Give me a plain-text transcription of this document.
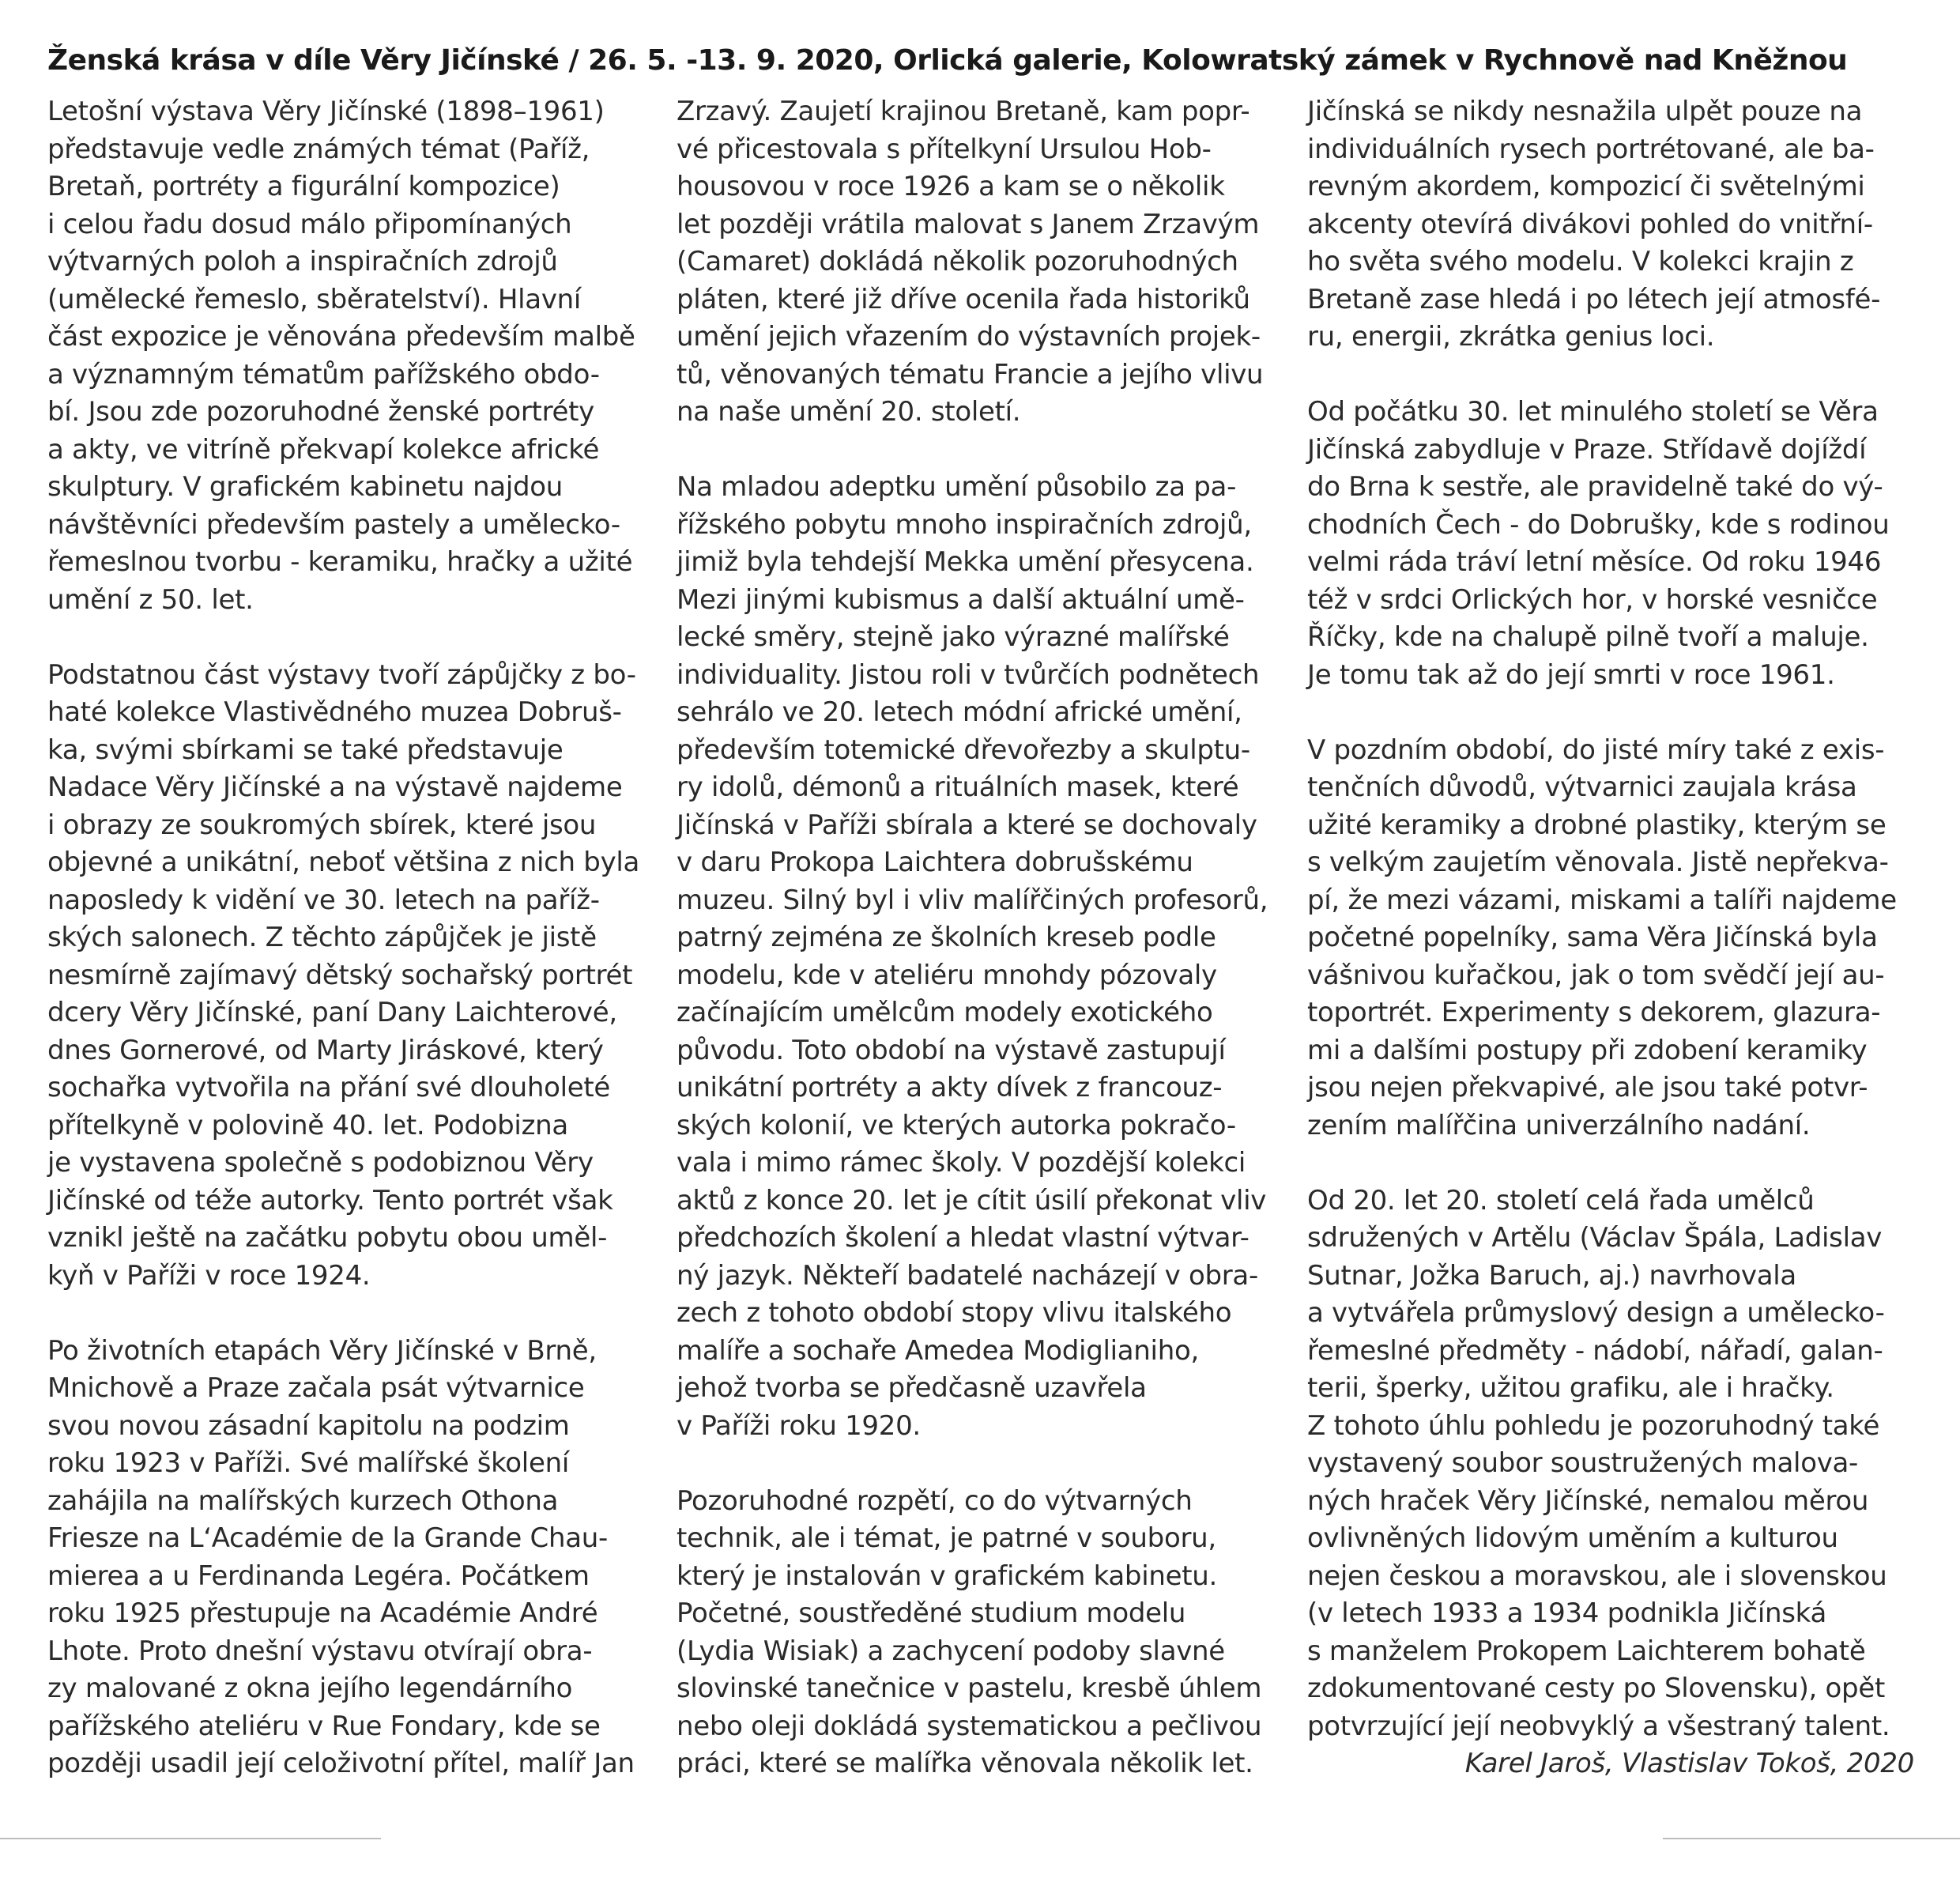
Ženská krása v díle Věry Jičínské / 26. 5. -13. 9. 2020, Orlická galerie, Kolowratský zámek v Rychnově nad Kněžnou
Letošní výstava Věry Jičínské (1898–1961)
představuje vedle známých témat (Paříž,
Bretaň, portréty a figurální kompozice)
i celou řadu dosud málo připomínaných
výtvarných poloh a inspiračních zdrojů
(umělecké řemeslo, sběratelství). Hlavní
část expozice je věnována především malbě
a významným tématům pařížského obdo-
bí. Jsou zde pozoruhodné ženské portréty
a akty, ve vitríně překvapí kolekce africké
skulptury. V grafickém kabinetu najdou
návštěvníci především pastely a umělecko-
řemeslnou tvorbu - keramiku, hračky a užité
umění z 50. let.
Podstatnou část výstavy tvoří zápůjčky z bo-
haté kolekce Vlastivědného muzea Dobruš-
ka, svými sbírkami se také představuje
Nadace Věry Jičínské a na výstavě najdeme
i obrazy ze soukromých sbírek, které jsou
objevné a unikátní, neboť většina z nich byla
naposledy k vidění ve 30. letech na paříž-
ských salonech. Z těchto zápůjček je jistě
nesmírně zajímavý dětský sochařský portrét
dcery Věry Jičínské, paní Dany Laichterové,
dnes Gornerové, od Marty Jiráskové, který
sochařka vytvořila na přání své dlouholeté
přítelkyně v polovině 40. let. Podobizna
je vystavena společně s podobiznou Věry
Jičínské od téže autorky. Tento portrét však
vznikl ještě na začátku pobytu obou uměl-
kyň v Paříži v roce 1924.
Po životních etapách Věry Jičínské v Brně,
Mnichově a Praze začala psát výtvarnice
svou novou zásadní kapitolu na podzim
roku 1923 v Paříži. Své malířské školení
zahájila na malířských kurzech Othona
Friesze na L‘Académie de la Grande Chau-
mierea a u Ferdinanda Legéra. Počátkem
roku 1925 přestupuje na Académie André
Lhote. Proto dnešní výstavu otvírají obra-
zy malované z okna jejího legendárního
pařížského ateliéru v Rue Fondary, kde se
později usadil její celoživotní přítel, malíř Jan
Zrzavý. Zaujetí krajinou Bretaně, kam popr-
vé přicestovala s přítelkyní Ursulou Hob-
housovou v roce 1926 a kam se o několik
let později vrátila malovat s Janem Zrzavým
(Camaret) dokládá několik pozoruhodných
pláten, které již dříve ocenila řada historiků
umění jejich vřazením do výstavních projek-
tů, věnovaných tématu Francie a jejího vlivu
na naše umění 20. století.
Na mladou adeptku umění působilo za pa-
řížského pobytu mnoho inspiračních zdrojů,
jimiž byla tehdejší Mekka umění přesycena.
Mezi jinými kubismus a další aktuální umě-
lecké směry, stejně jako výrazné malířské
individuality. Jistou roli v tvůrčích podnětech
sehrálo ve 20. letech módní africké umění,
především totemické dřevořezby a skulptu-
ry idolů, démonů a rituálních masek, které
Jičínská v Paříži sbírala a které se dochovaly
v daru Prokopa Laichtera dobrušskému
muzeu. Silný byl i vliv malířčiných profesorů,
patrný zejména ze školních kreseb podle
modelu, kde v ateliéru mnohdy pózovaly
začínajícím umělcům modely exotického
původu. Toto období na výstavě zastupují
unikátní portréty a akty dívek z francouz-
ských kolonií, ve kterých autorka pokračo-
vala i mimo rámec školy. V pozdější kolekci
aktů z konce 20. let je cítit úsilí překonat vliv
předchozích školení a hledat vlastní výtvar-
ný jazyk. Někteří badatelé nacházejí v obra-
zech z tohoto období stopy vlivu italského
malíře a sochaře Amedea Modiglianiho,
jehož tvorba se předčasně uzavřela
v Paříži roku 1920.
Pozoruhodné rozpětí, co do výtvarných
technik, ale i témat, je patrné v souboru,
který je instalován v grafickém kabinetu.
Početné, soustředěné studium modelu
(Lydia Wisiak) a zachycení podoby slavné
slovinské tanečnice v pastelu, kresbě úhlem
nebo oleji dokládá systematickou a pečlivou
práci, které se malířka věnovala několik let.
Jičínská se nikdy nesnažila ulpět pouze na
individuálních rysech portrétované, ale ba-
revným akordem, kompozicí či světelnými
akcenty otevírá divákovi pohled do vnitřní-
ho světa svého modelu. V kolekci krajin z
Bretaně zase hledá i po létech její atmosfé-
ru, energii, zkrátka genius loci.
Od počátku 30. let minulého století se Věra
Jičínská zabydluje v Praze. Střídavě dojíždí
do Brna k sestře, ale pravidelně také do vý-
chodních Čech - do Dobrušky, kde s rodinou
velmi ráda tráví letní měsíce. Od roku 1946
též v srdci Orlických hor, v horské vesničce
Říčky, kde na chalupě pilně tvoří a maluje.
Je tomu tak až do její smrti v roce 1961.
V pozdním období, do jisté míry také z exis-
tenčních důvodů, výtvarnici zaujala krása
užité keramiky a drobné plastiky, kterým se
s velkým zaujetím věnovala. Jistě nepřekva-
pí, že mezi vázami, miskami a talíři najdeme
početné popelníky, sama Věra Jičínská byla
vášnivou kuřačkou, jak o tom svědčí její au-
toportrét. Experimenty s dekorem, glazura-
mi a dalšími postupy při zdobení keramiky
jsou nejen překvapivé, ale jsou také potvr-
zením malířčina univerzálního nadání.
Od 20. let 20. století celá řada umělců
sdružených v Artělu (Václav Špála, Ladislav
Sutnar, Jožka Baruch, aj.) navrhovala
a vytvářela průmyslový design a umělecko-
řemeslné předměty - nádobí, nářadí, galan-
terii, šperky, užitou grafiku, ale i hračky.
Z tohoto úhlu pohledu je pozoruhodný také
vystavený soubor soustružených malova-
ných hraček Věry Jičínské, nemalou měrou
ovlivněných lidovým uměním a kulturou
nejen českou a moravskou, ale i slovenskou
(v letech 1933 a 1934 podnikla Jičínská
s manželem Prokopem Laichterem bohatě
zdokumentované cesty po Slovensku), opět
potvrzující její neobvyklý a všestraný talent.
Karel Jaroš, Vlastislav Tokoš, 2020
